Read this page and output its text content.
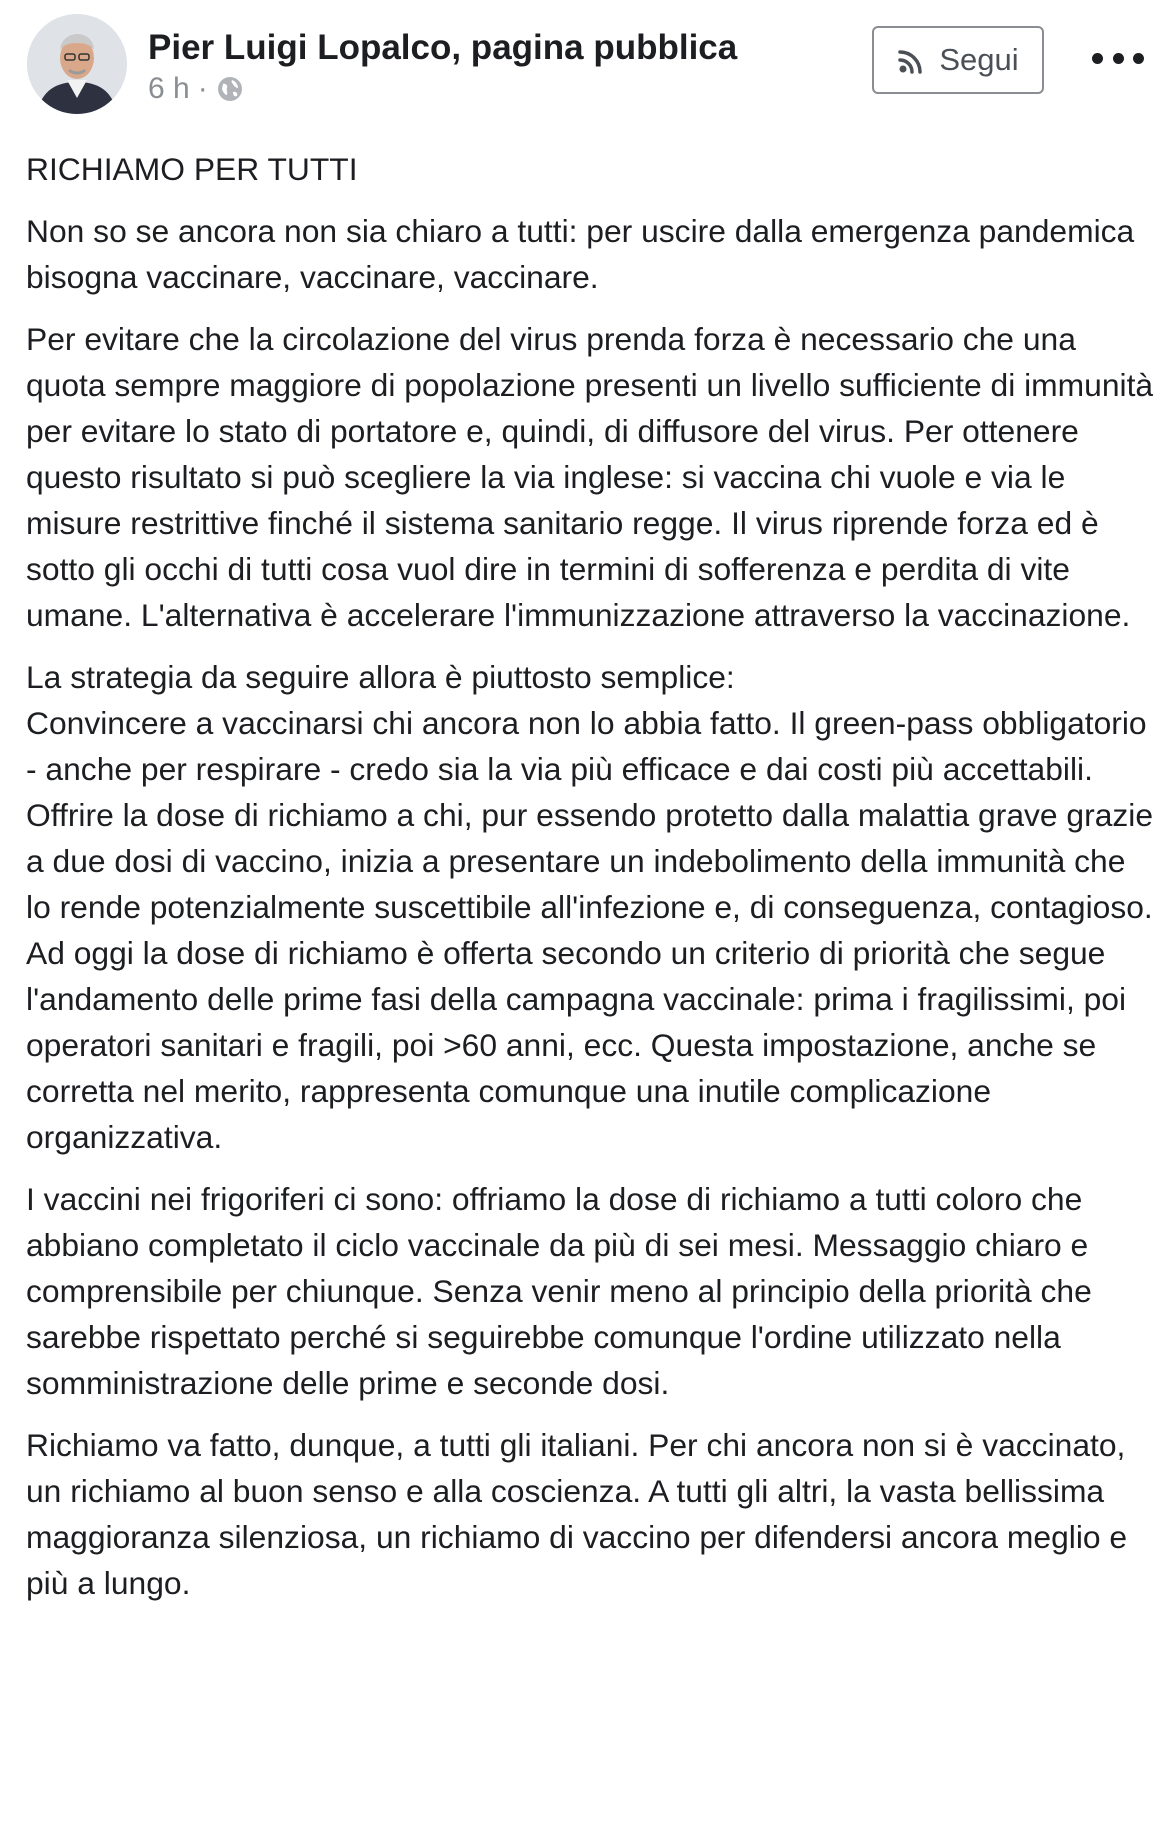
Pier Luigi Lopalco, pagina pubblica
6 h ·
Segui

RICHIAMO PER TUTTI

Non so se ancora non sia chiaro a tutti: per uscire dalla emergenza pandemica bisogna vaccinare, vaccinare, vaccinare.

Per evitare che la circolazione del virus prenda forza è necessario che una quota sempre maggiore di popolazione presenti un livello sufficiente di immunità per evitare lo stato di portatore e, quindi, di diffusore del virus. Per ottenere questo risultato si può scegliere la via inglese: si vaccina chi vuole e via le misure restrittive finché il sistema sanitario regge. Il virus riprende forza ed è sotto gli occhi di tutti cosa vuol dire in termini di sofferenza e perdita di vite umane. L'alternativa è accelerare l'immunizzazione attraverso la vaccinazione.

La strategia da seguire allora è piuttosto semplice:
Convincere a vaccinarsi chi ancora non lo abbia fatto. Il green-pass obbligatorio - anche per respirare - credo sia la via più efficace e dai costi più accettabili.
Offrire la dose di richiamo a chi, pur essendo protetto dalla malattia grave grazie a due dosi di vaccino, inizia a presentare un indebolimento della immunità che lo rende potenzialmente suscettibile all'infezione e, di conseguenza, contagioso.
Ad oggi la dose di richiamo è offerta secondo un criterio di priorità che segue l'andamento delle prime fasi della campagna vaccinale: prima i fragilissimi, poi operatori sanitari e fragili, poi >60 anni, ecc. Questa impostazione, anche se corretta nel merito, rappresenta comunque una inutile complicazione organizzativa.

I vaccini nei frigoriferi ci sono: offriamo la dose di richiamo a tutti coloro che abbiano completato il ciclo vaccinale da più di sei mesi. Messaggio chiaro e comprensibile per chiunque. Senza venir meno al principio della priorità che sarebbe rispettato perché si seguirebbe comunque l'ordine utilizzato nella somministrazione delle prime e seconde dosi.

Richiamo va fatto, dunque, a tutti gli italiani. Per chi ancora non si è vaccinato, un richiamo al buon senso e alla coscienza. A tutti gli altri, la vasta bellissima maggioranza silenziosa, un richiamo di vaccino per difendersi ancora meglio e più a lungo.
